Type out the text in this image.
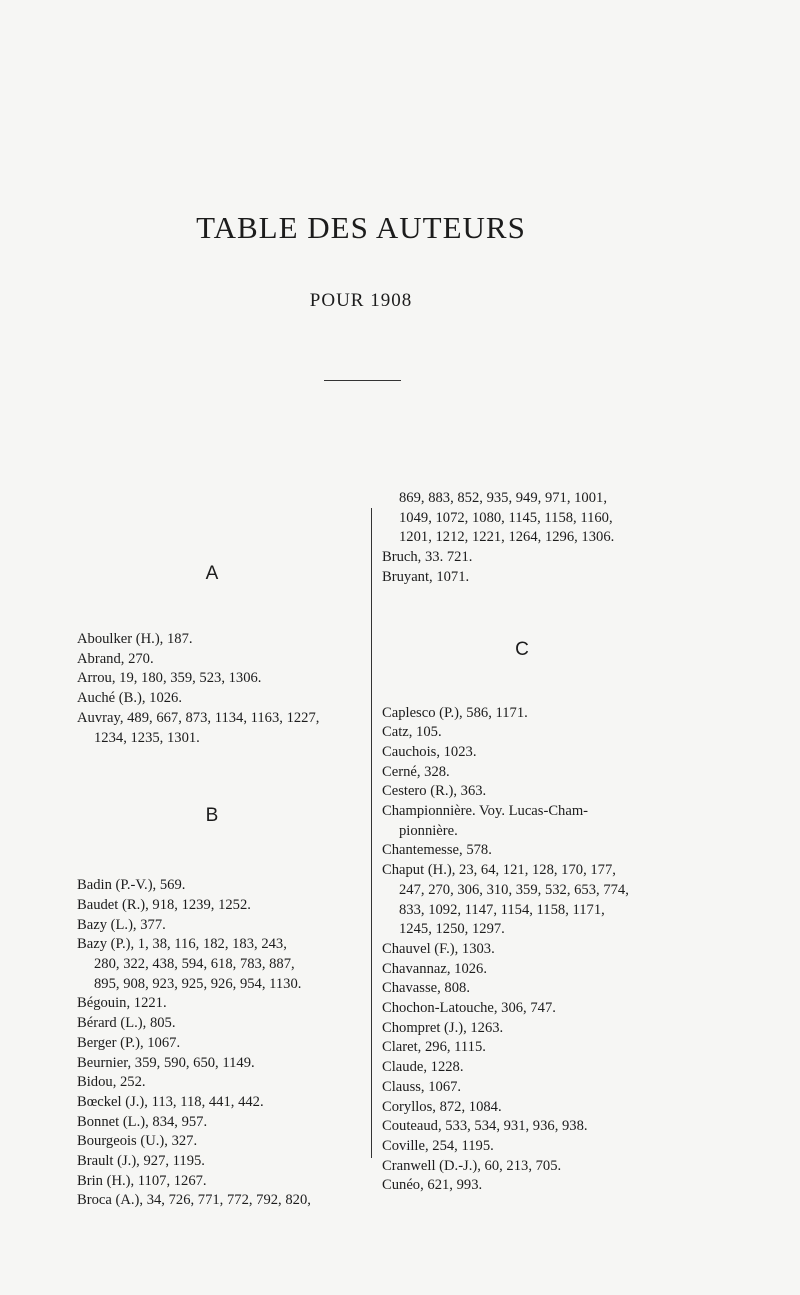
TABLE DES AUTEURS
POUR 1908
A
Aboulker (H.), 187.
Abrand, 270.
Arrou, 19, 180, 359, 523, 1306.
Auché (B.), 1026.
Auvray, 489, 667, 873, 1134, 1163, 1227,
1234, 1235, 1301.
B
Badin (P.-V.), 569.
Baudet (R.), 918, 1239, 1252.
Bazy (L.), 377.
Bazy (P.), 1, 38, 116, 182, 183, 243,
280, 322, 438, 594, 618, 783, 887,
895, 908, 923, 925, 926, 954, 1130.
Bégouin, 1221.
Bérard (L.), 805.
Berger (P.), 1067.
Beurnier, 359, 590, 650, 1149.
Bidou, 252.
Bœckel (J.), 113, 118, 441, 442.
Bonnet (L.), 834, 957.
Bourgeois (U.), 327.
Brault (J.), 927, 1195.
Brin (H.), 1107, 1267.
Broca (A.), 34, 726, 771, 772, 792, 820,
869, 883, 852, 935, 949, 971, 1001,
1049, 1072, 1080, 1145, 1158, 1160,
1201, 1212, 1221, 1264, 1296, 1306.
Bruch, 33. 721.
Bruyant, 1071.
C
Caplesco (P.), 586, 1171.
Catz, 105.
Cauchois, 1023.
Cerné, 328.
Cestero (R.), 363.
Championnière. Voy. Lucas-Cham-
pionnière.
Chantemesse, 578.
Chaput (H.), 23, 64, 121, 128, 170, 177,
247, 270, 306, 310, 359, 532, 653, 774,
833, 1092, 1147, 1154, 1158, 1171,
1245, 1250, 1297.
Chauvel (F.), 1303.
Chavannaz, 1026.
Chavasse, 808.
Chochon-Latouche, 306, 747.
Chompret (J.), 1263.
Claret, 296, 1115.
Claude, 1228.
Clauss, 1067.
Coryllos, 872, 1084.
Couteaud, 533, 534, 931, 936, 938.
Coville, 254, 1195.
Cranwell (D.-J.), 60, 213, 705.
Cunéo, 621, 993.
